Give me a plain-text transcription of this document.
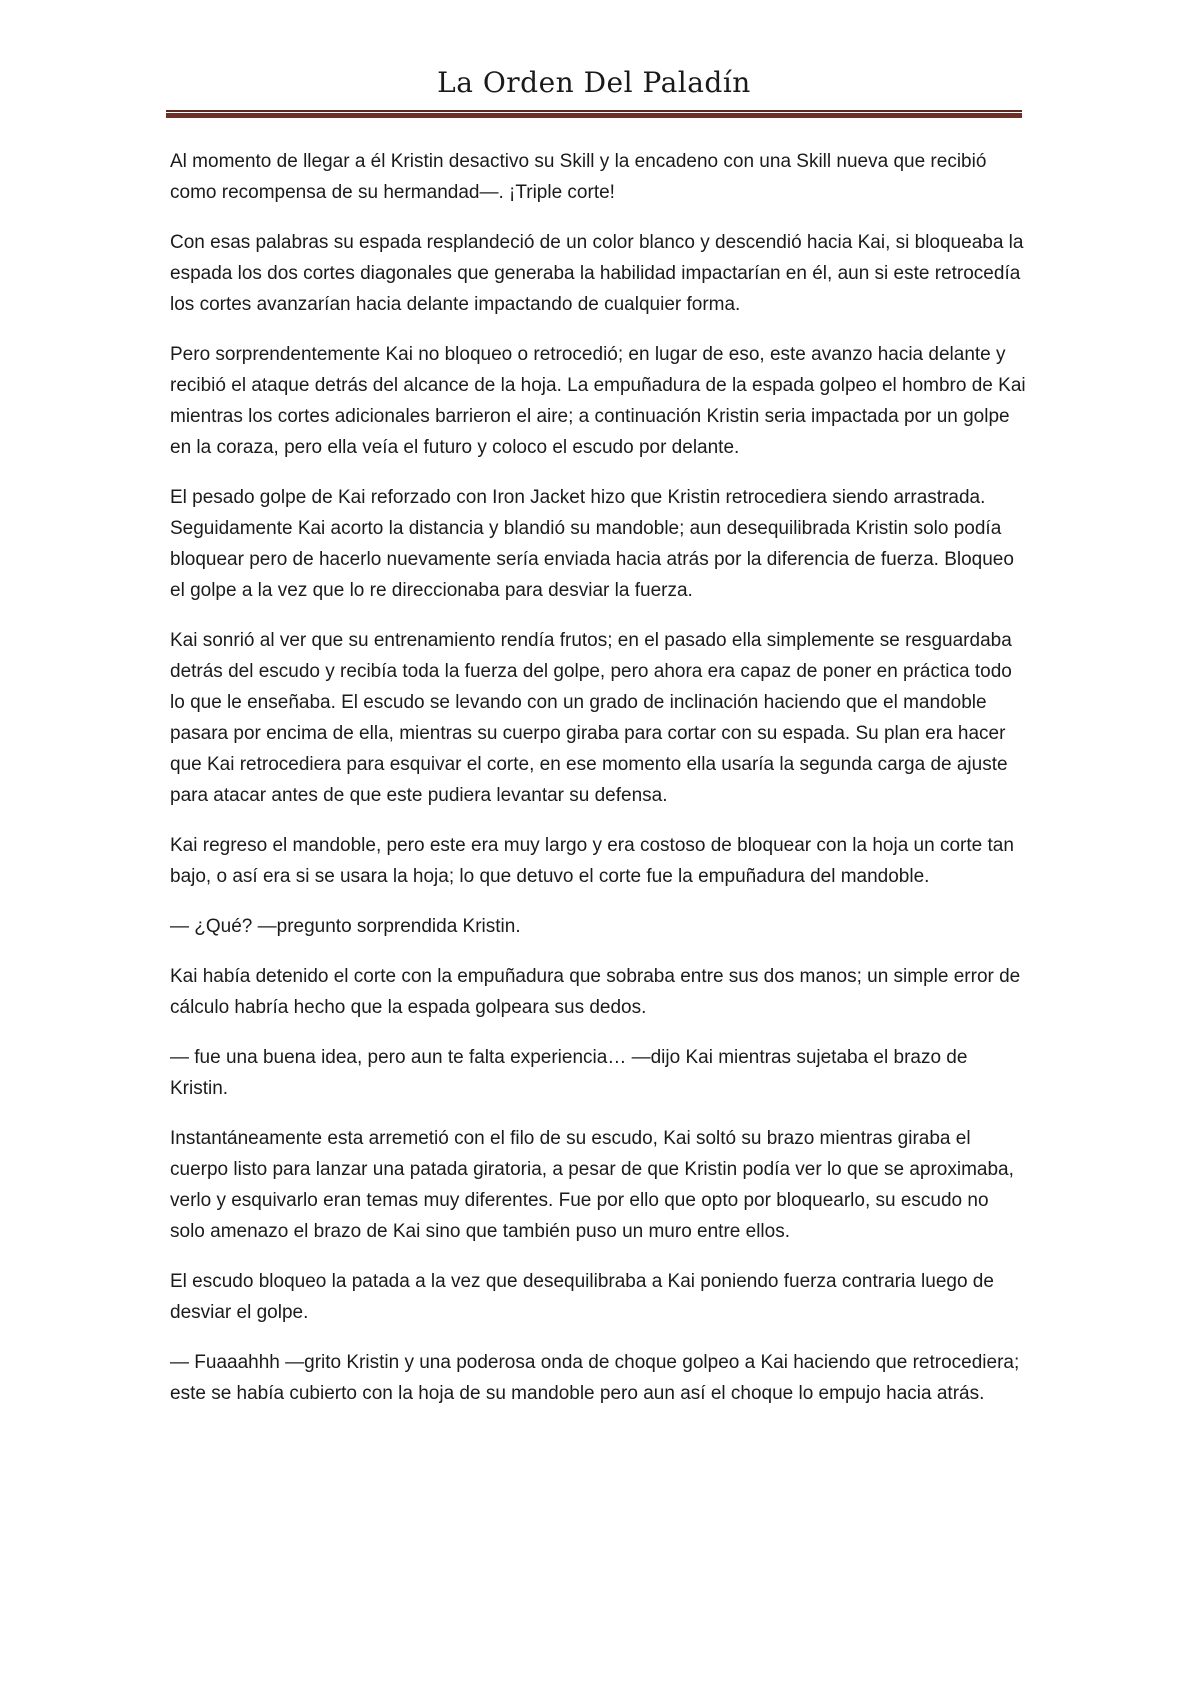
La Orden Del Paladín

Al momento de llegar a él Kristin desactivo su Skill y la encadeno con una Skill nueva que recibió como recompensa de su hermandad—. ¡Triple corte!

Con esas palabras su espada resplandeció de un color blanco y descendió hacia Kai, si bloqueaba la espada los dos cortes diagonales que generaba la habilidad impactarían en él, aun si este retrocedía los cortes avanzarían hacia delante impactando de cualquier forma.

Pero sorprendentemente Kai no bloqueo o retrocedió; en lugar de eso, este avanzo hacia delante y recibió el ataque detrás del alcance de la hoja. La empuñadura de la espada golpeo el hombro de Kai mientras los cortes adicionales barrieron el aire; a continuación Kristin seria impactada por un golpe en la coraza, pero ella veía el futuro y coloco el escudo por delante.

El pesado golpe de Kai reforzado con Iron Jacket hizo que Kristin retrocediera siendo arrastrada. Seguidamente Kai acorto la distancia y blandió su mandoble; aun desequilibrada Kristin solo podía bloquear pero de hacerlo nuevamente sería enviada hacia atrás por la diferencia de fuerza. Bloqueo el golpe a la vez que lo re direccionaba para desviar la fuerza.

Kai sonrió al ver que su entrenamiento rendía frutos; en el pasado ella simplemente se resguardaba detrás del escudo y recibía toda la fuerza del golpe, pero ahora era capaz de poner en práctica todo lo que le enseñaba. El escudo se levando con un grado de inclinación haciendo que el mandoble pasara por encima de ella, mientras su cuerpo giraba para cortar con su espada. Su plan era hacer que Kai retrocediera para esquivar el corte, en ese momento ella usaría la segunda carga de ajuste para atacar antes de que este pudiera levantar su defensa.

Kai regreso el mandoble, pero este era muy largo y era costoso de bloquear con la hoja un corte tan bajo, o así era si se usara la hoja; lo que detuvo el corte fue la empuñadura del mandoble.

— ¿Qué? —pregunto sorprendida Kristin.

Kai había detenido el corte con la empuñadura que sobraba entre sus dos manos; un simple error de cálculo habría hecho que la espada golpeara sus dedos.

— fue una buena idea, pero aun te falta experiencia… —dijo Kai mientras sujetaba el brazo de Kristin.

Instantáneamente esta arremetió con el filo de su escudo, Kai soltó su brazo mientras giraba el cuerpo listo para lanzar una patada giratoria, a pesar de que Kristin podía ver lo que se aproximaba, verlo y esquivarlo eran temas muy diferentes. Fue por ello que opto por bloquearlo, su escudo no solo amenazo el brazo de Kai sino que también puso un muro entre ellos.

El escudo bloqueo la patada a la vez que desequilibraba a Kai poniendo fuerza contraria luego de desviar el golpe.

— Fuaaahhh —grito Kristin y una poderosa onda de choque golpeo a Kai haciendo que retrocediera; este se había cubierto con la hoja de su mandoble pero aun así el choque lo empujo hacia atrás.
